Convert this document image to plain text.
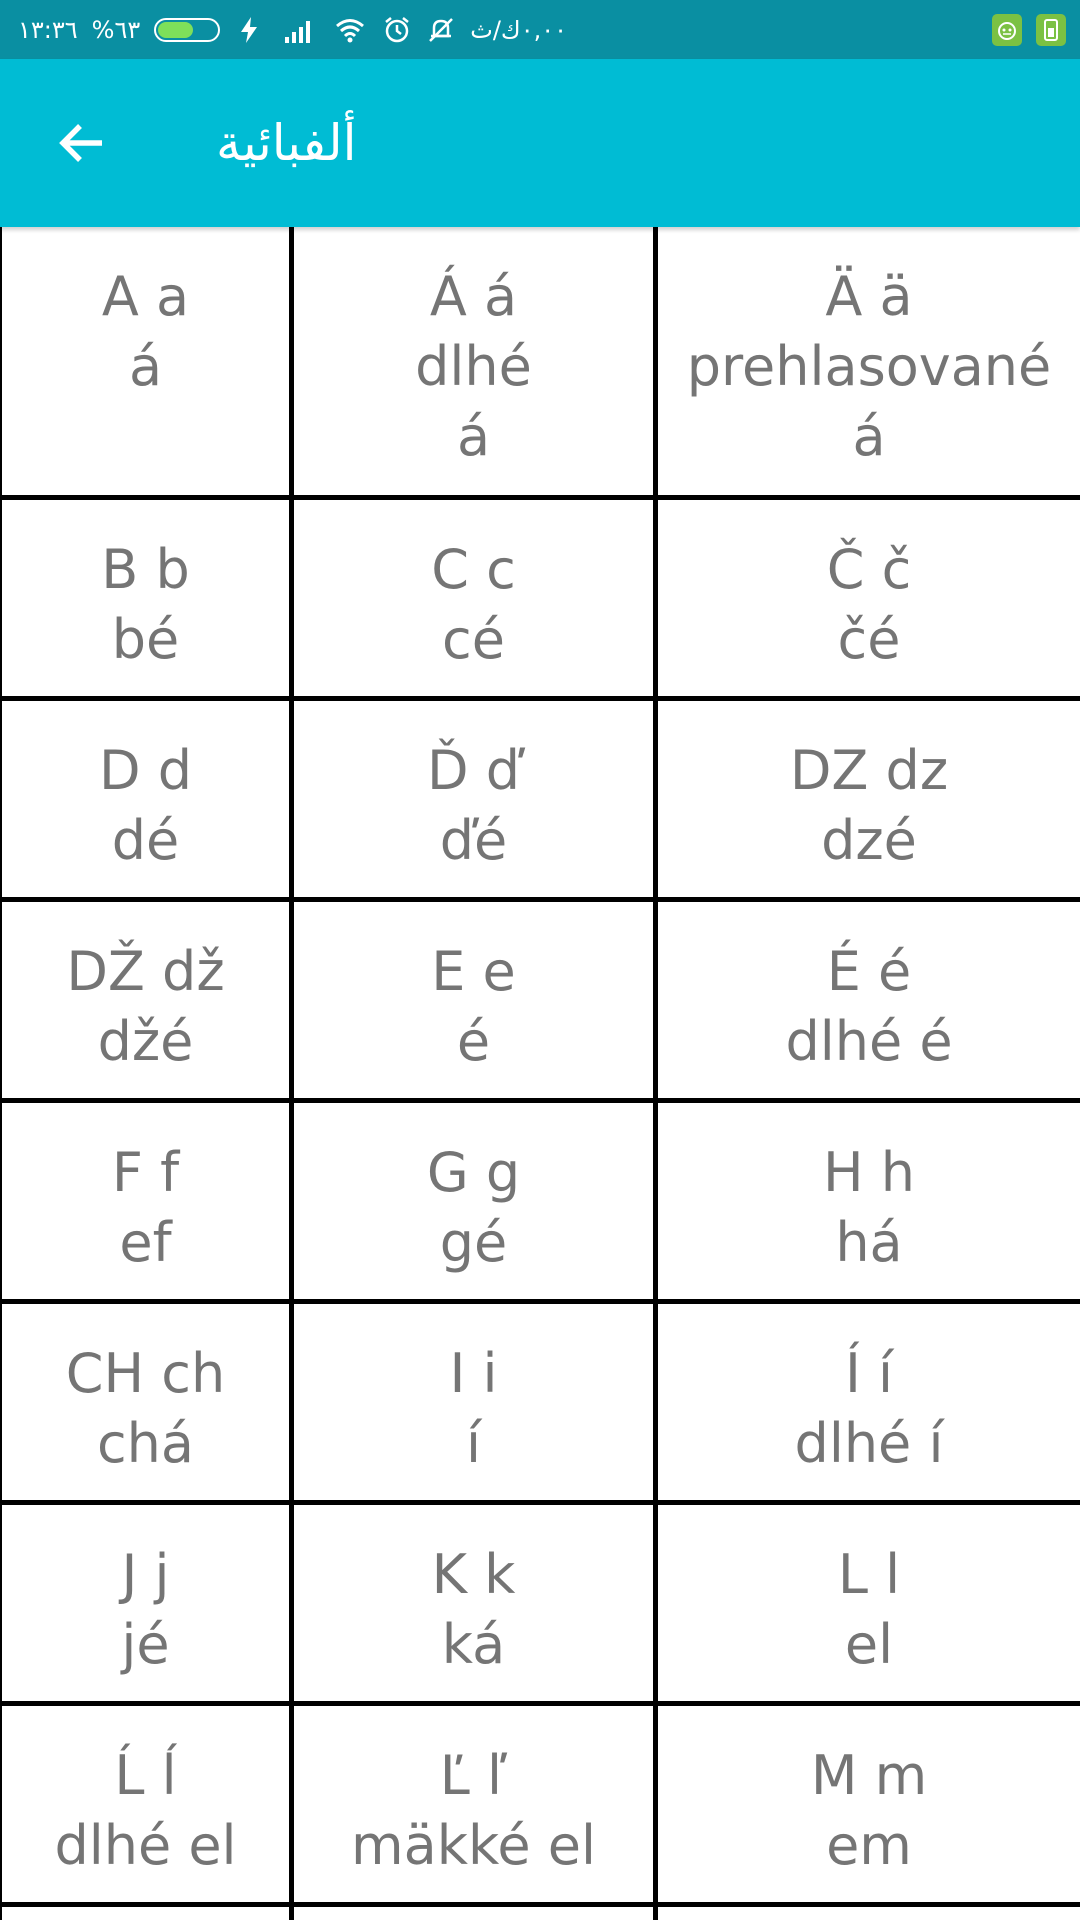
١٣:٣٦ %٦٣	٠,٠٠ك/ث
ألفبائية
A a
á
Á á
dlhé
á
Ä ä
prehlasované
á
B b
bé
C c
cé
Č č
čé
D d
dé
Ď ď
ďé
DZ dz
dzé
DŽ dž
džé
E e
é
É é
dlhé é
F f
ef
G g
gé
H h
há
CH ch
chá
I i
í
Í í
dlhé í
J j
jé
K k
ká
L l
el
Ĺ ĺ
dlhé el
Ľ ľ
mäkké el
M m
em
